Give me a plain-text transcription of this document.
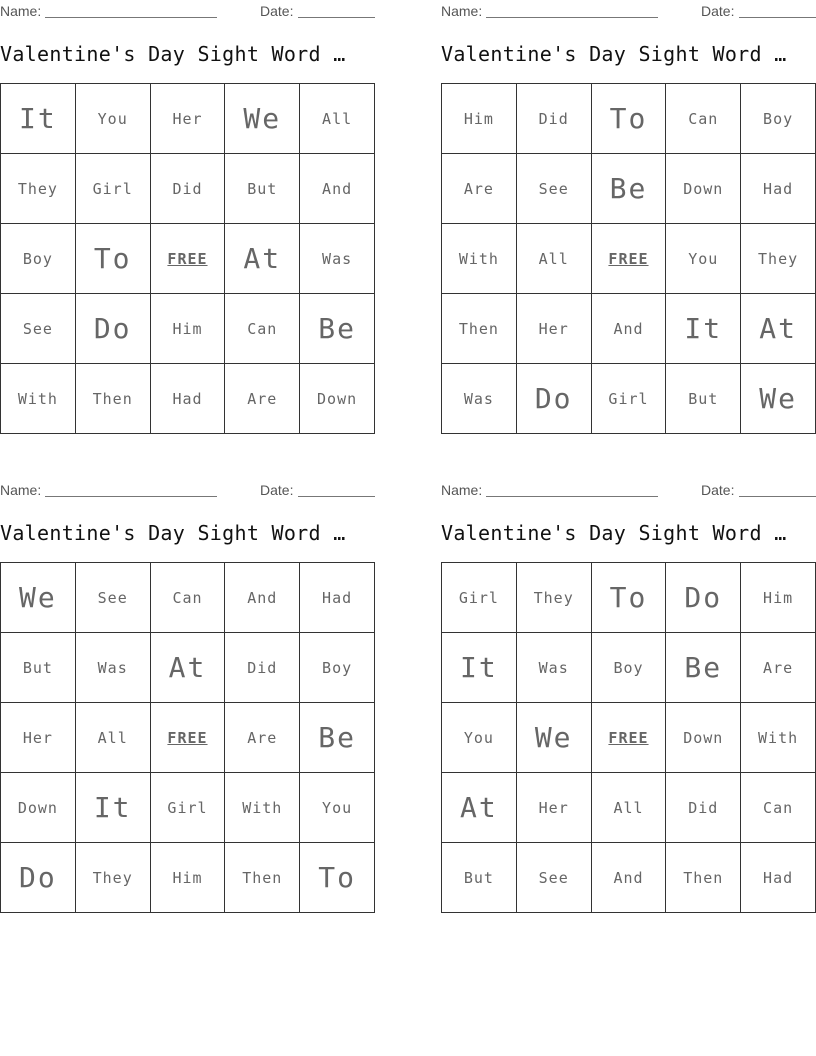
Name:	Date:
Valentine's Day Sight Word …
It	You	Her	We	All
They	Girl	Did	But	And
Boy	To	FREE	At	Was
See	Do	Him	Can	Be
With	Then	Had	Are	Down
Name:	Date:
Valentine's Day Sight Word …
Him	Did	To	Can	Boy
Are	See	Be	Down	Had
With	All	FREE	You	They
Then	Her	And	It	At
Was	Do	Girl	But	We
Name:	Date:
Valentine's Day Sight Word …
We	See	Can	And	Had
But	Was	At	Did	Boy
Her	All	FREE	Are	Be
Down	It	Girl	With	You
Do	They	Him	Then	To
Name:	Date:
Valentine's Day Sight Word …
Girl	They	To	Do	Him
It	Was	Boy	Be	Are
You	We	FREE	Down	With
At	Her	All	Did	Can
But	See	And	Then	Had
